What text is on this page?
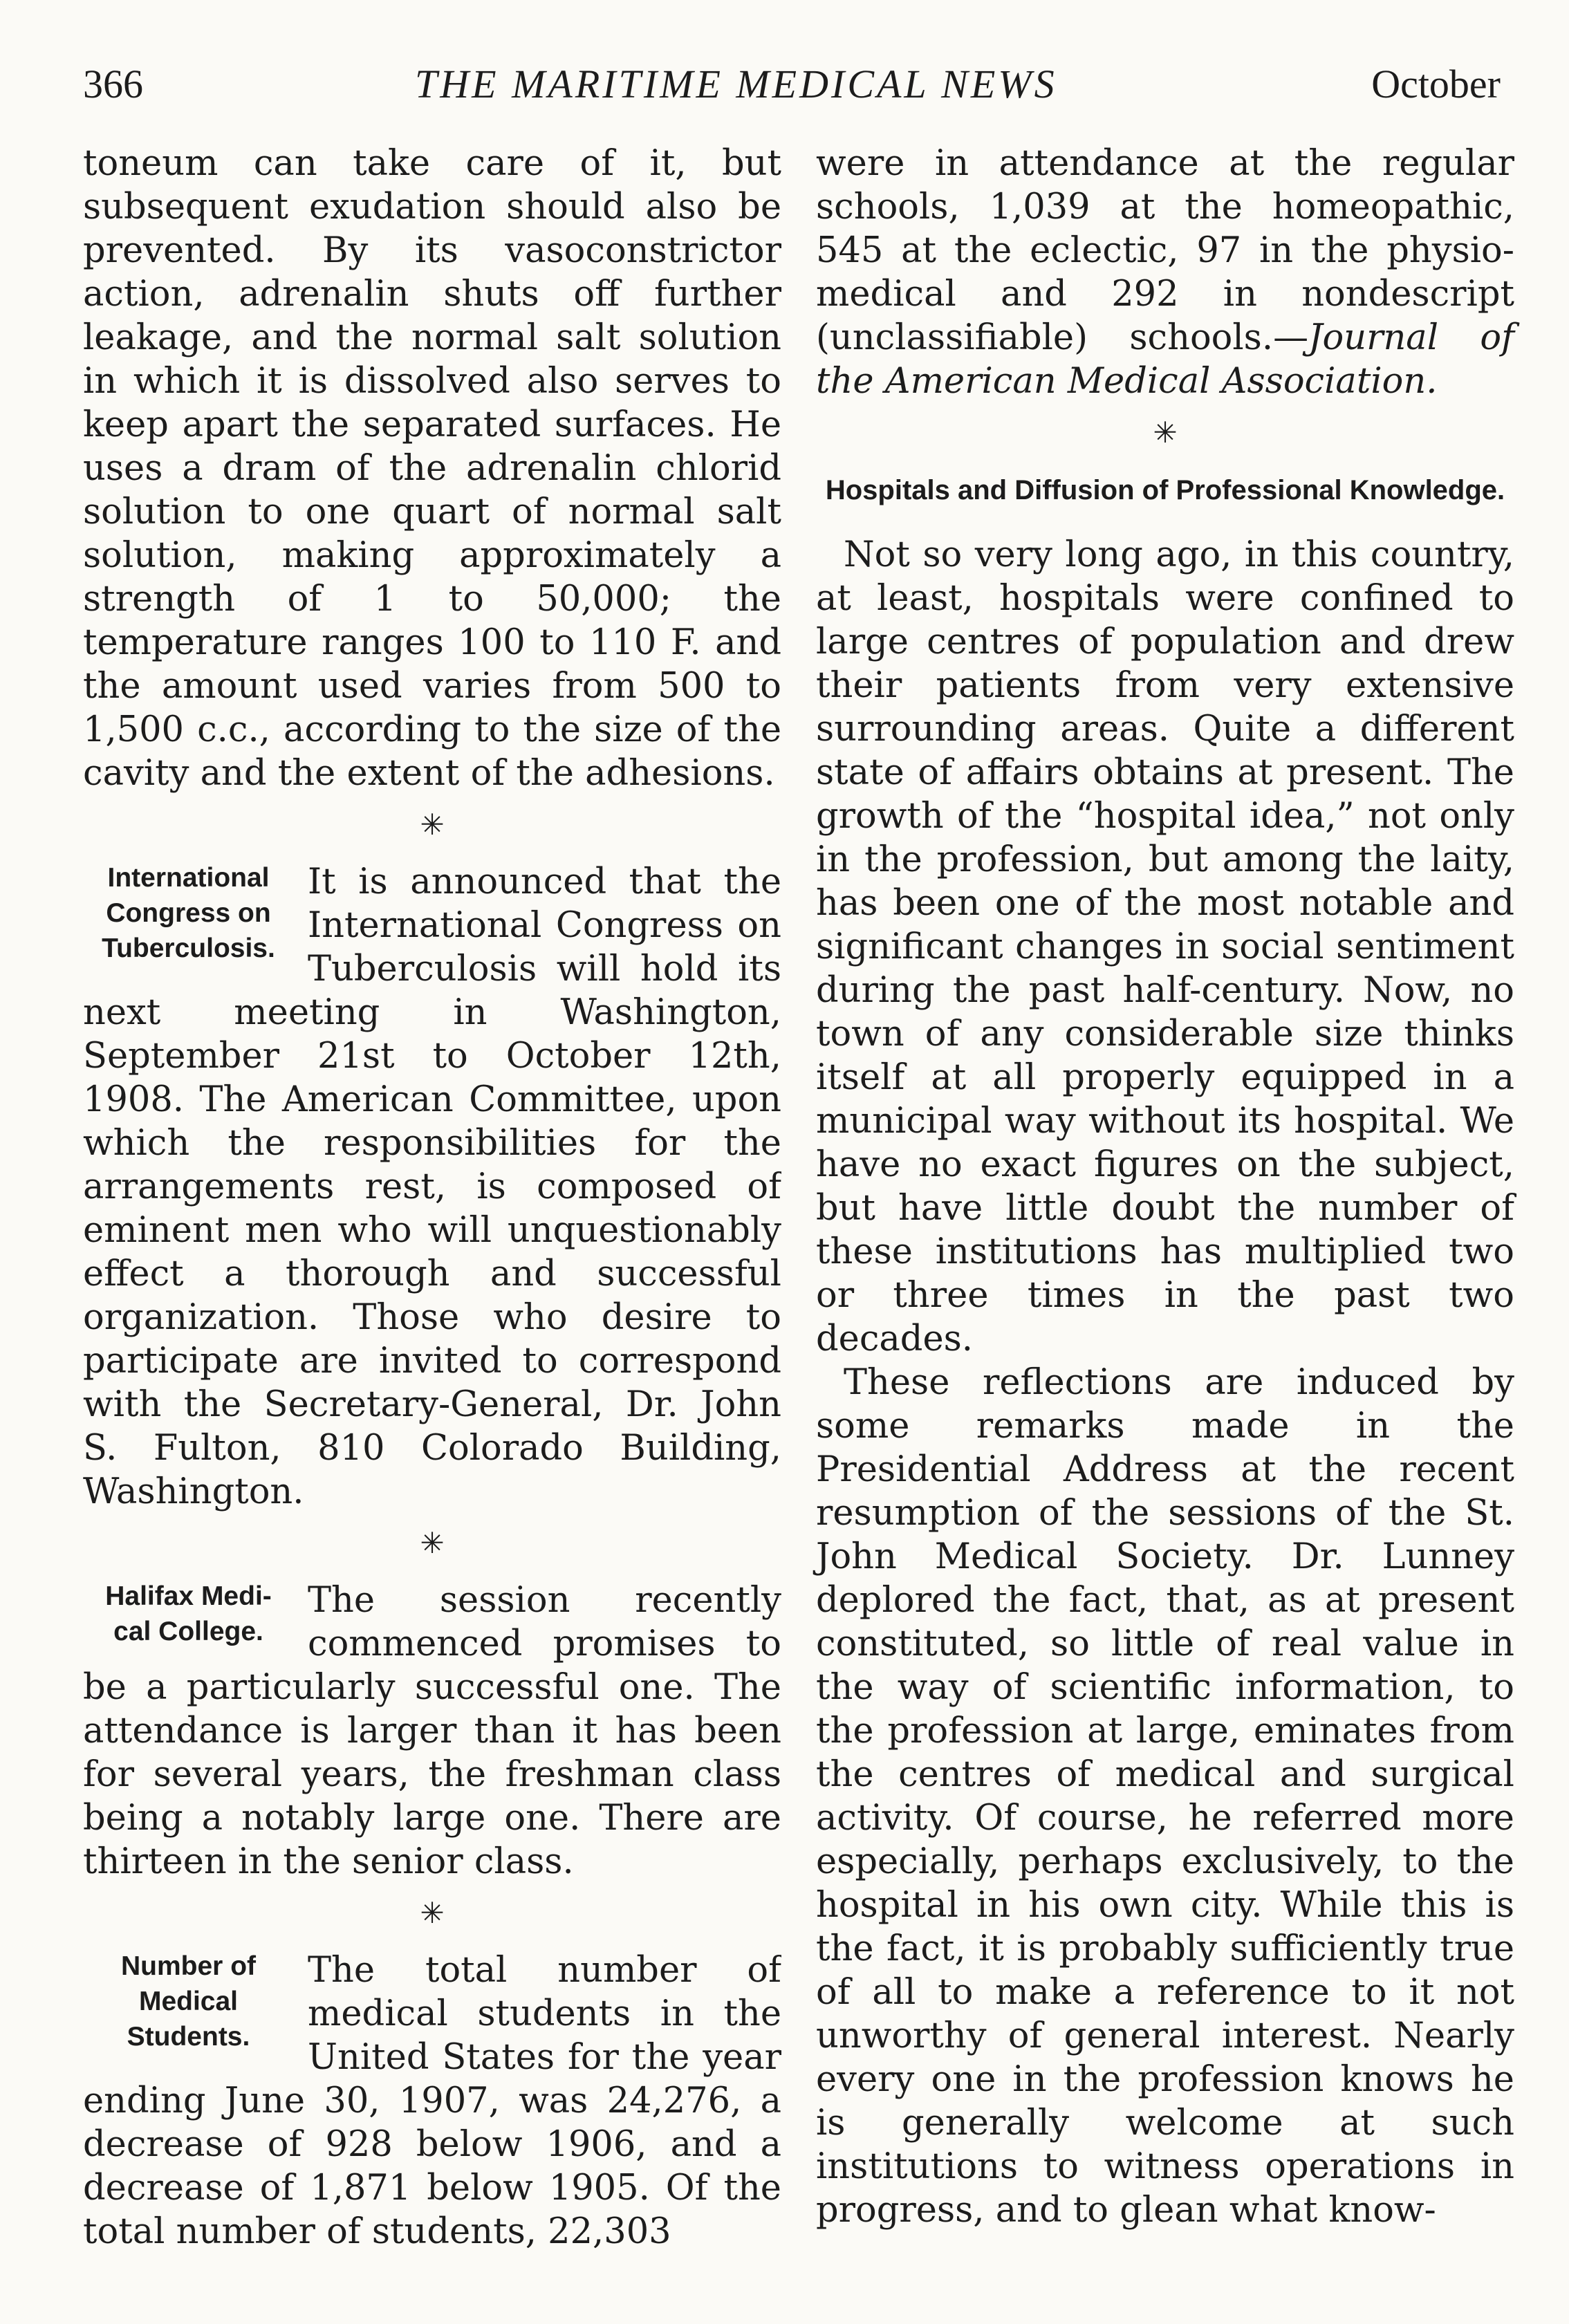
366	THE MARITIME MEDICAL NEWS	October

toneum can take care of it, but subsequent exudation should also be prevented. By its vasoconstrictor action, adrenalin shuts off further leakage, and the normal salt solution in which it is dissolved also serves to keep apart the separated surfaces. He uses a dram of the adrenalin chlorid solution to one quart of normal salt solution, making approximately a strength of 1 to 50,000; the temperature ranges 100 to 110 F. and the amount used varies from 500 to 1,500 c.c., according to the size of the cavity and the extent of the adhesions.

✳
International
Congress on
Tuberculosis.
It is announced that the International Congress on Tuberculosis will hold its next meeting in Washington, September 21st to October 12th, 1908. The American Committee, upon which the responsibilities for the arrangements rest, is composed of eminent men who will unquestionably effect a thorough and successful organization. Those who desire to participate are invited to correspond with the Secretary-General, Dr. John S. Fulton, 810 Colorado Building, Washington.
✳
Halifax Medi-
cal College.
The session recently commenced promises to be a particularly successful one. The attendance is larger than it has been for several years, the freshman class being a notably large one. There are thirteen in the senior class.
✳
Number of
Medical
Students.
The total number of medical students in the United States for the year ending June 30, 1907, was 24,276, a decrease of 928 below 1906, and a decrease of 1,871 below 1905. Of the total number of students, 22,303

were in attendance at the regular schools, 1,039 at the homeopathic, 545 at the eclectic, 97 in the physio-medical and 292 in nondescript (unclassifiable) schools.—Journal of the American Medical Association.

✳
Hospitals and Diffusion of Professional Knowledge.

Not so very long ago, in this country, at least, hospitals were confined to large centres of population and drew their patients from very extensive surrounding areas. Quite a different state of affairs obtains at present. The growth of the “hospital idea,” not only in the profession, but among the laity, has been one of the most notable and significant changes in social sentiment during the past half-century. Now, no town of any considerable size thinks itself at all properly equipped in a municipal way without its hospital. We have no exact figures on the subject, but have little doubt the number of these institutions has multiplied two or three times in the past two decades.

These reflections are induced by some remarks made in the Presidential Address at the recent resumption of the sessions of the St. John Medical Society. Dr. Lunney deplored the fact, that, as at present constituted, so little of real value in the way of scientific information, to the profession at large, eminates from the centres of medical and surgical activity. Of course, he referred more especially, perhaps exclusively, to the hospital in his own city. While this is the fact, it is probably sufficiently true of all to make a reference to it not unworthy of general interest. Nearly every one in the profession knows he is generally welcome at such institutions to witness operations in progress, and to glean what know-
